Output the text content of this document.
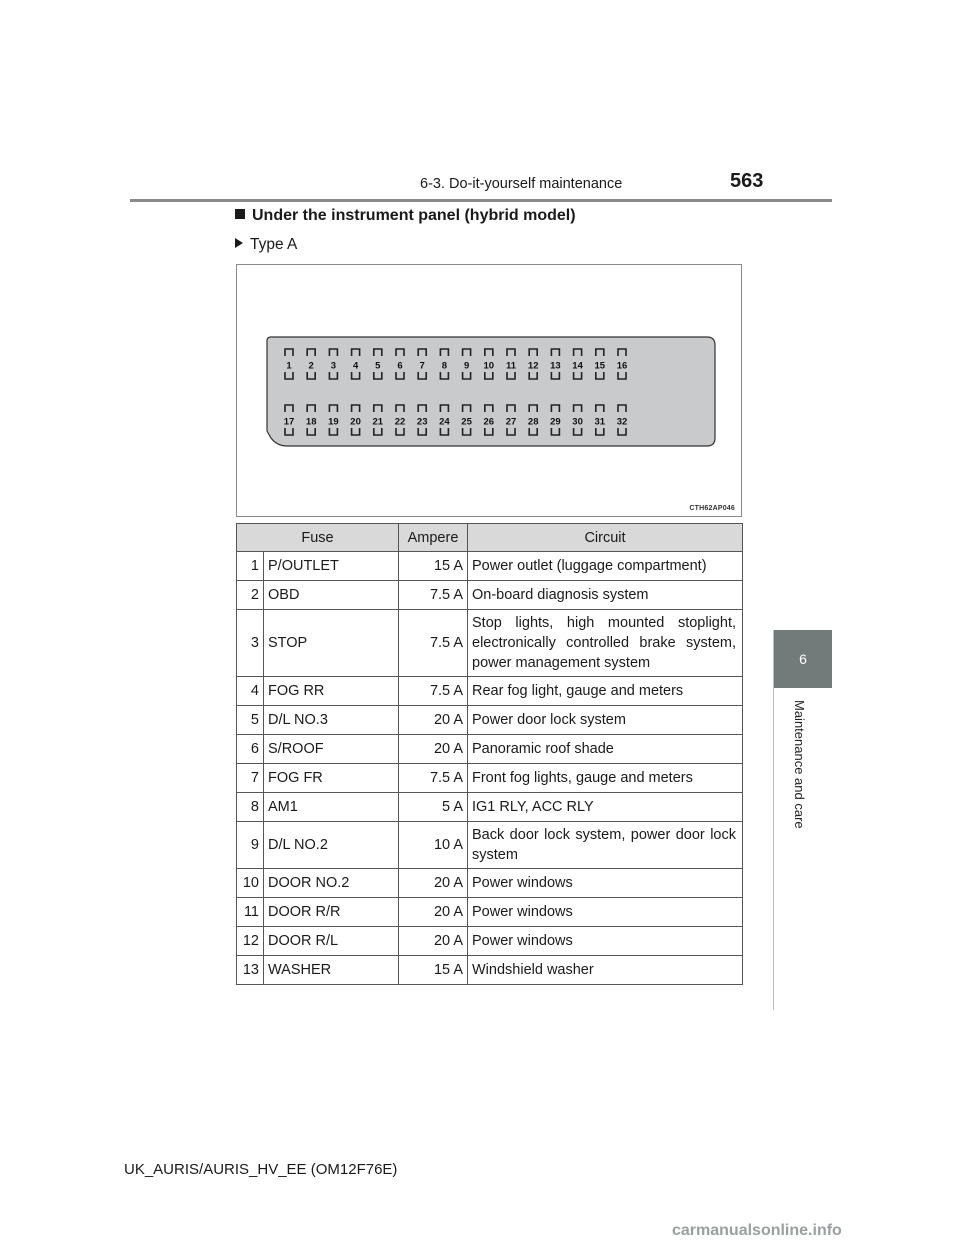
6-3. Do-it-yourself maintenance	563
Under the instrument panel (hybrid model)
Type A
1 2 3 4 5 6 7 8 9 10 11 12 13 14 15 16
17 18 19 20 21 22 23 24 25 26 27 28 29 30 31 32
CTH62AP046
Fuse		Ampere	Circuit
1	P/OUTLET	15 A	Power outlet (luggage compartment)
2	OBD	7.5 A	On-board diagnosis system
3	STOP	7.5 A	Stop lights, high mounted stoplight, electronically controlled brake system, power management system
4	FOG RR	7.5 A	Rear fog light, gauge and meters
5	D/L NO.3	20 A	Power door lock system
6	S/ROOF	20 A	Panoramic roof shade
7	FOG FR	7.5 A	Front fog lights, gauge and meters
8	AM1	5 A	IG1 RLY, ACC RLY
9	D/L NO.2	10 A	Back door lock system, power door lock system
10	DOOR NO.2	20 A	Power windows
11	DOOR R/R	20 A	Power windows
12	DOOR R/L	20 A	Power windows
13	WASHER	15 A	Windshield washer
6
Maintenance and care
UK_AURIS/AURIS_HV_EE (OM12F76E)
carmanualsonline.info
